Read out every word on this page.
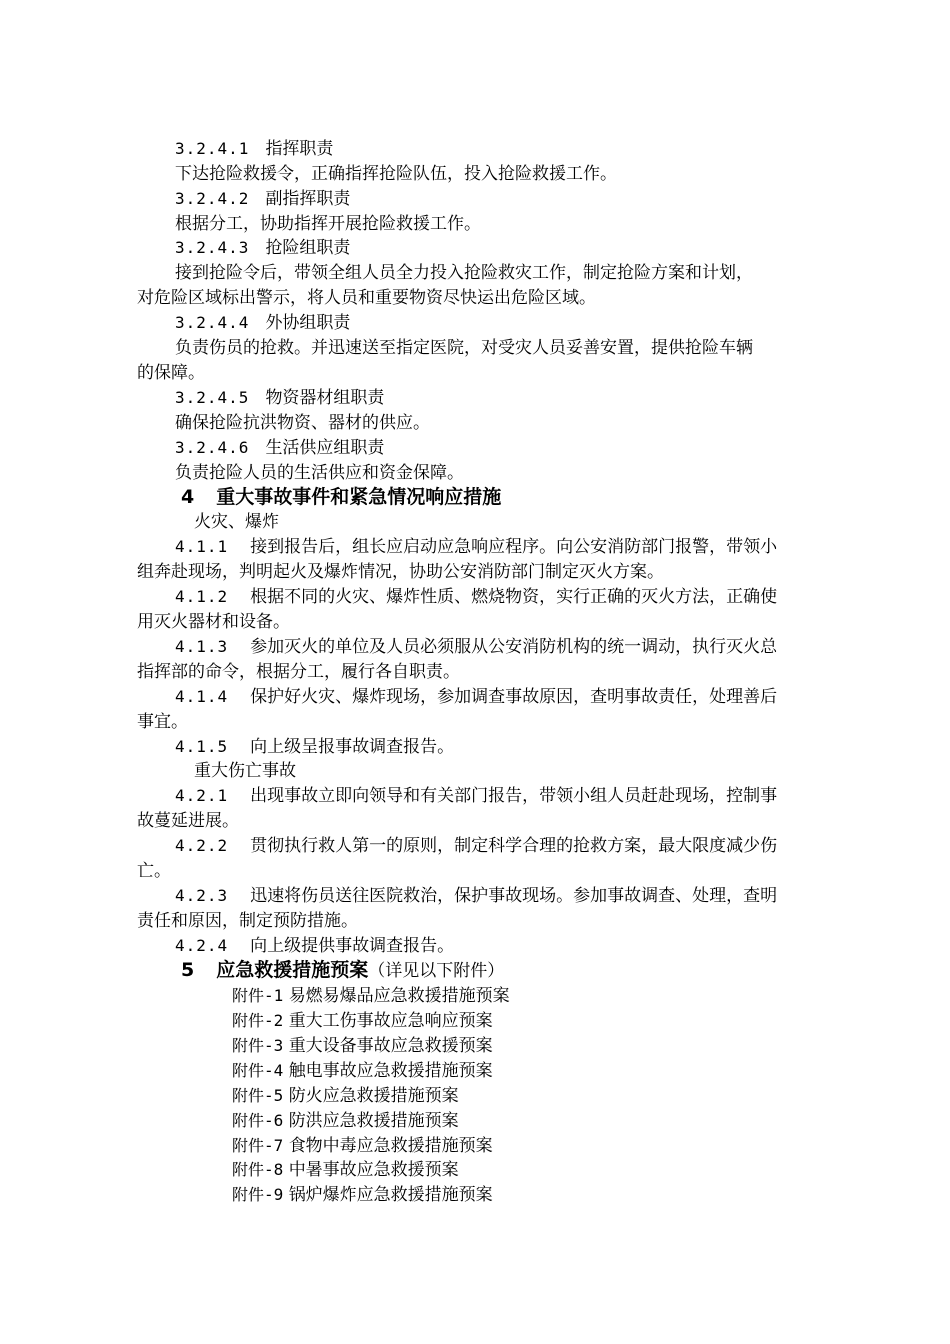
3.2.4.1 指挥职责
下达抢险救援令，正确指挥抢险队伍，投入抢险救援工作。
3.2.4.2 副指挥职责
根据分工，协助指挥开展抢险救援工作。
3.2.4.3 抢险组职责
接到抢险令后，带领全组人员全力投入抢险救灾工作，制定抢险方案和计划，
对危险区域标出警示，将人员和重要物资尽快运出危险区域。
3.2.4.4 外协组职责
负责伤员的抢救。并迅速送至指定医院，对受灾人员妥善安置，提供抢险车辆
的保障。
3.2.4.5 物资器材组职责
确保抢险抗洪物资、器材的供应。
3.2.4.6 生活供应组职责
负责抢险人员的生活供应和资金保障。
4 重大事故事件和紧急情况响应措施
火灾、爆炸
4.1.1 接到报告后，组长应启动应急响应程序。向公安消防部门报警，带领小
组奔赴现场，判明起火及爆炸情况，协助公安消防部门制定灭火方案。
4.1.2 根据不同的火灾、爆炸性质、燃烧物资，实行正确的灭火方法，正确使
用灭火器材和设备。
4.1.3 参加灭火的单位及人员必须服从公安消防机构的统一调动，执行灭火总
指挥部的命令，根据分工，履行各自职责。
4.1.4 保护好火灾、爆炸现场，参加调查事故原因，查明事故责任，处理善后
事宜。
4.1.5 向上级呈报事故调查报告。
重大伤亡事故
4.2.1 出现事故立即向领导和有关部门报告，带领小组人员赶赴现场，控制事
故蔓延进展。
4.2.2 贯彻执行救人第一的原则，制定科学合理的抢救方案，最大限度减少伤
亡。
4.2.3 迅速将伤员送往医院救治，保护事故现场。参加事故调查、处理，查明
责任和原因，制定预防措施。
4.2.4 向上级提供事故调查报告。
5 应急救援措施预案（详见以下附件）
附件-1 易燃易爆品应急救援措施预案
附件-2 重大工伤事故应急响应预案
附件-3 重大设备事故应急救援预案
附件-4 触电事故应急救援措施预案
附件-5 防火应急救援措施预案
附件-6 防洪应急救援措施预案
附件-7 食物中毒应急救援措施预案
附件-8 中暑事故应急救援预案
附件-9 锅炉爆炸应急救援措施预案
